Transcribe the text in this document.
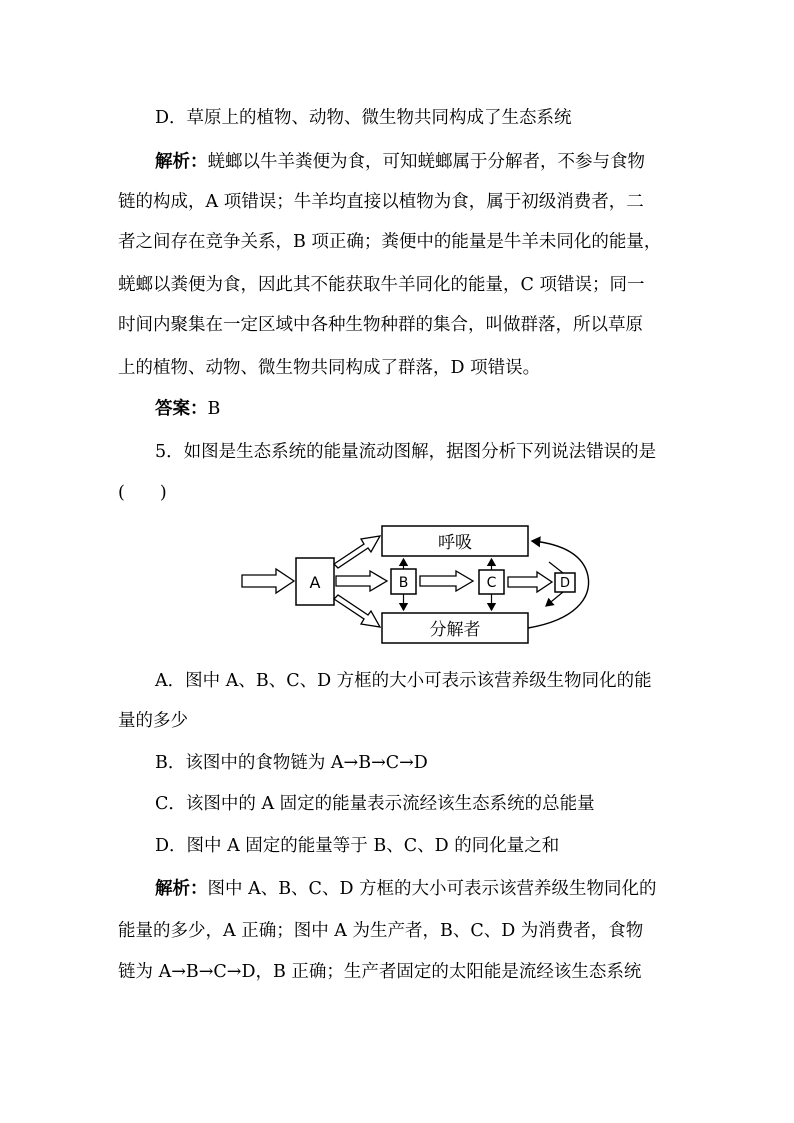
D．草原上的植物、动物、微生物共同构成了生态系统
解析：蜣螂以牛羊粪便为食，可知蜣螂属于分解者，不参与食物
链的构成，A 项错误；牛羊均直接以植物为食，属于初级消费者，二
者之间存在竞争关系，B 项正确；粪便中的能量是牛羊未同化的能量，
蜣螂以粪便为食，因此其不能获取牛羊同化的能量，C 项错误；同一
时间内聚集在一定区域中各种生物种群的集合，叫做群落，所以草原
上的植物、动物、微生物共同构成了群落，D 项错误。
答案：B
5．如图是生态系统的能量流动图解，据图分析下列说法错误的是
(　　)
A
呼吸
分解者
B	C	D
A．图中 A、B、C、D 方框的大小可表示该营养级生物同化的能
量的多少
B．该图中的食物链为 A→B→C→D
C．该图中的 A 固定的能量表示流经该生态系统的总能量
D．图中 A 固定的能量等于 B、C、D 的同化量之和
解析：图中 A、B、C、D 方框的大小可表示该营养级生物同化的
能量的多少，A 正确；图中 A 为生产者，B、C、D 为消费者，食物
链为 A→B→C→D，B 正确；生产者固定的太阳能是流经该生态系统
